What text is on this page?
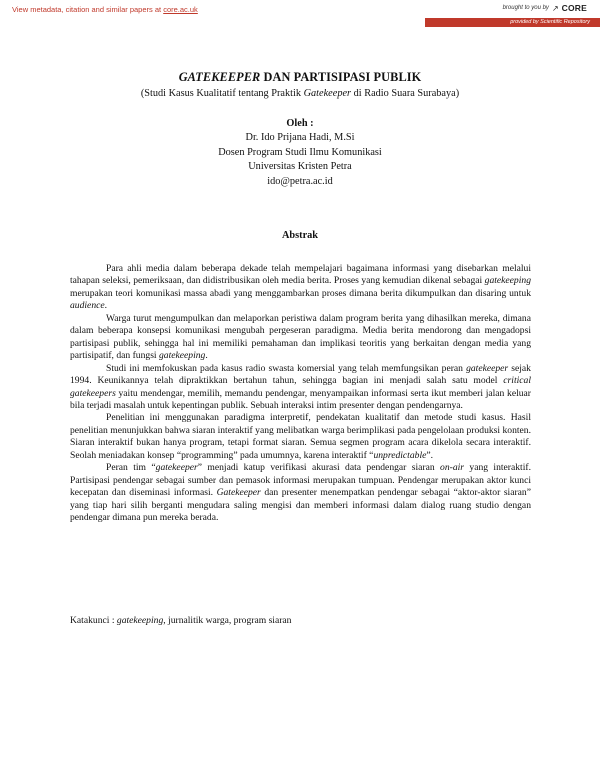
View metadata, citation and similar papers at core.ac.uk	brought to you by ↗ CORE
provided by Scientific Repository
GATEKEEPER DAN PARTISIPASI PUBLIK
(Studi Kasus Kualitatif tentang Praktik Gatekeeper di Radio Suara Surabaya)
Oleh :
Dr. Ido Prijana Hadi, M.Si
Dosen Program Studi Ilmu Komunikasi
Universitas Kristen Petra
ido@petra.ac.id
Abstrak

Para ahli media dalam beberapa dekade telah mempelajari bagaimana informasi yang disebarkan melalui tahapan seleksi, pemeriksaan, dan didistribusikan oleh media berita. Proses yang kemudian dikenal sebagai gatekeeping merupakan teori komunikasi massa abadi yang menggambarkan proses dimana berita dikumpulkan dan disaring untuk audience.

Warga turut mengumpulkan dan melaporkan peristiwa dalam program berita yang dihasilkan mereka, dimana dalam beberapa konsepsi komunikasi mengubah pergeseran paradigma. Media berita mendorong dan mengadopsi partisipasi publik, sehingga hal ini memiliki pemahaman dan implikasi teoritis yang berkaitan dengan media yang partisipatif, dan fungsi gatekeeping.

Studi ini memfokuskan pada kasus radio swasta komersial yang telah memfungsikan peran gatekeeper sejak 1994. Keunikannya telah dipraktikkan bertahun tahun, sehingga bagian ini menjadi salah satu model critical gatekeepers yaitu mendengar, memilih, memandu pendengar, menyampaikan informasi serta ikut memberi jalan keluar bila terjadi masalah untuk kepentingan publik. Sebuah interaksi intim presenter dengan pendengarnya.

Penelitian ini menggunakan paradigma interpretif, pendekatan kualitatif dan metode studi kasus. Hasil penelitian menunjukkan bahwa siaran interaktif yang melibatkan warga berimplikasi pada pengelolaan produksi konten. Siaran interaktif bukan hanya program, tetapi format siaran. Semua segmen program acara dikelola secara interaktif. Seolah meniadakan konsep “programming” pada umumnya, karena interaktif “unpredictable”.

Peran tim “gatekeeper” menjadi katup verifikasi akurasi data pendengar siaran on-air yang interaktif. Partisipasi pendengar sebagai sumber dan pemasok informasi merupakan tumpuan. Pendengar merupakan aktor kunci kecepatan dan diseminasi informasi. Gatekeeper dan presenter menempatkan pendengar sebagai “aktor-aktor siaran” yang tiap hari silih berganti mengudara saling mengisi dan memberi informasi dalam dialog ruang studio dengan pendengar dimana pun mereka berada.

Katakunci : gatekeeping, jurnalitik warga, program siaran
